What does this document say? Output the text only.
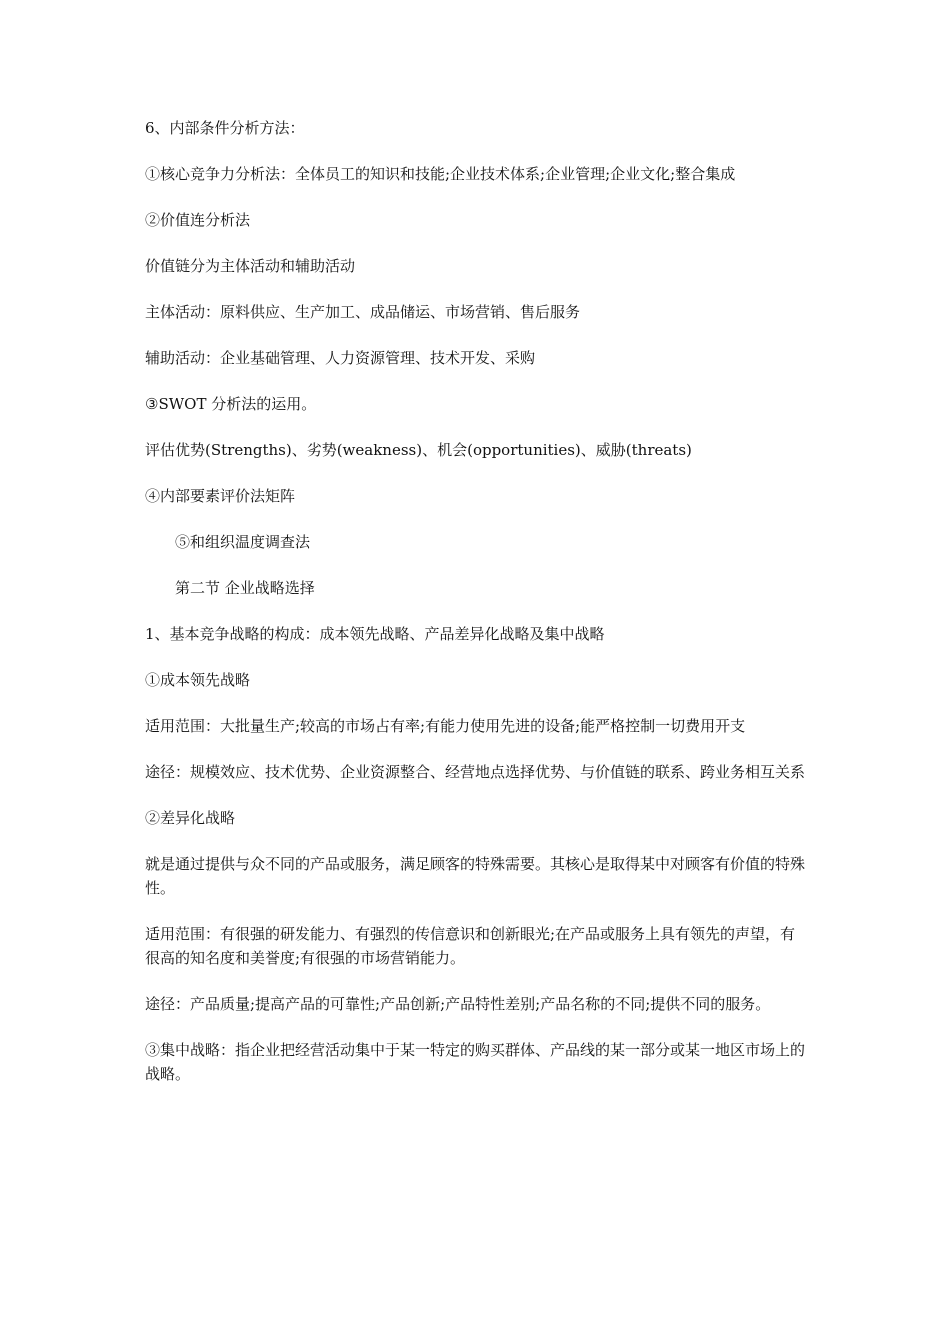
6、内部条件分析方法：

①核心竞争力分析法：全体员工的知识和技能;企业技术体系;企业管理;企业文化;整合集成

②价值连分析法

价值链分为主体活动和辅助活动

主体活动：原料供应、生产加工、成品储运、市场营销、售后服务

辅助活动：企业基础管理、人力资源管理、技术开发、采购

③SWOT 分析法的运用。

评估优势(Strengths)、劣势(weakness)、机会(opportunities)、威胁(threats)

④内部要素评价法矩阵

⑤和组织温度调查法

第二节 企业战略选择

1、基本竞争战略的构成：成本领先战略、产品差异化战略及集中战略

①成本领先战略

适用范围：大批量生产;较高的市场占有率;有能力使用先进的设备;能严格控制一切费用开支

途径：规模效应、技术优势、企业资源整合、经营地点选择优势、与价值链的联系、跨业务相互关系

②差异化战略

就是通过提供与众不同的产品或服务，满足顾客的特殊需要。其核心是取得某中对顾客有价值的特殊性。

适用范围：有很强的研发能力、有强烈的传信意识和创新眼光;在产品或服务上具有领先的声望，有很高的知名度和美誉度;有很强的市场营销能力。

途径：产品质量;提高产品的可靠性;产品创新;产品特性差别;产品名称的不同;提供不同的服务。

③集中战略：指企业把经营活动集中于某一特定的购买群体、产品线的某一部分或某一地区市场上的战略。
